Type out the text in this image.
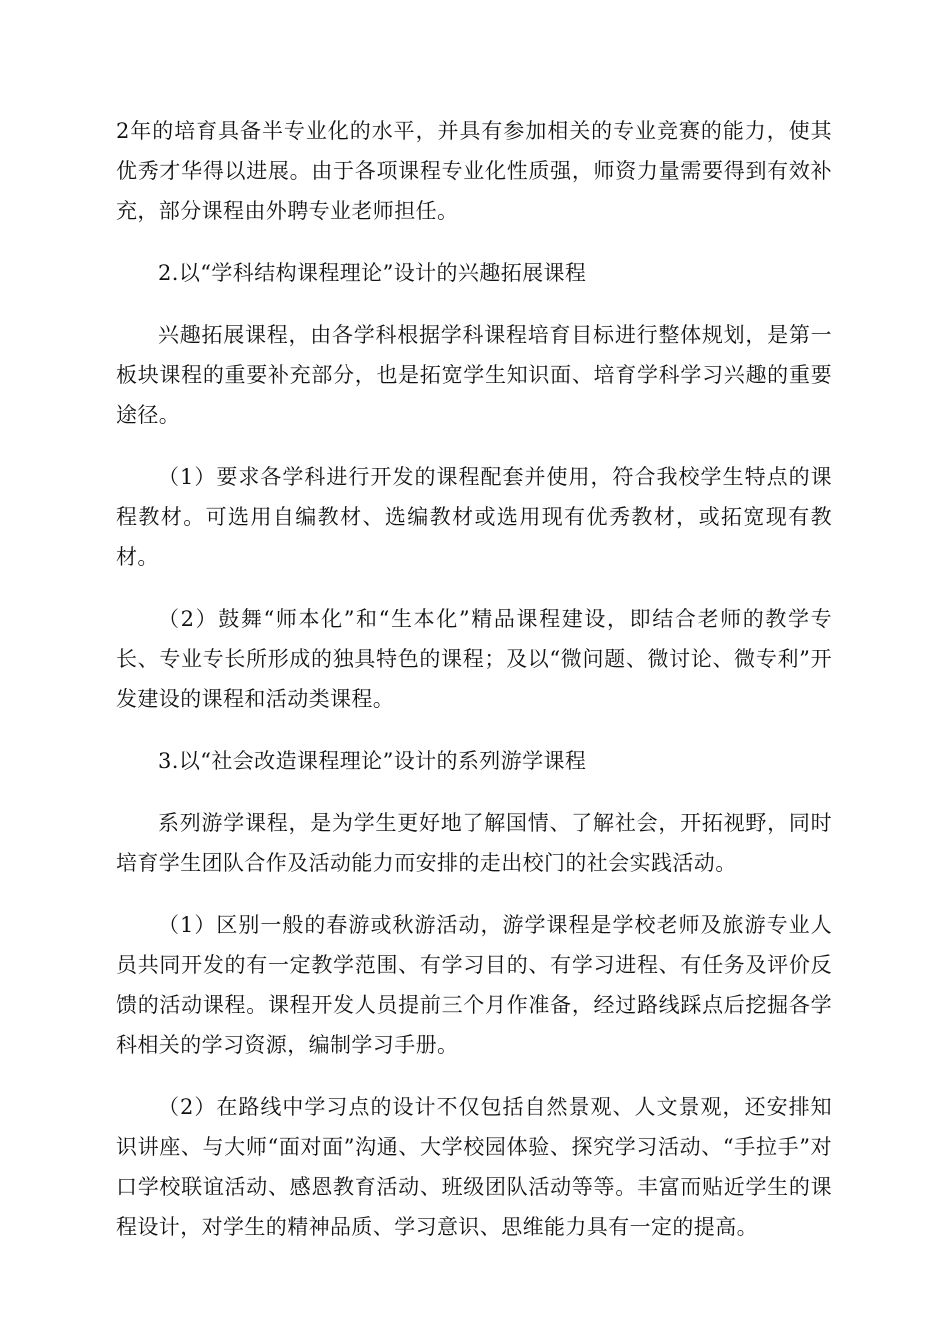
2年的培育具备半专业化的水平，并具有参加相关的专业竞赛的能力，使其优秀才华得以进展。由于各项课程专业化性质强，师资力量需要得到有效补充，部分课程由外聘专业老师担任。

2.以“学科结构课程理论”设计的兴趣拓展课程

兴趣拓展课程，由各学科根据学科课程培育目标进行整体规划，是第一板块课程的重要补充部分，也是拓宽学生知识面、培育学科学习兴趣的重要途径。

（1）要求各学科进行开发的课程配套并使用，符合我校学生特点的课程教材。可选用自编教材、选编教材或选用现有优秀教材，或拓宽现有教材。

（2）鼓舞“师本化”和“生本化”精品课程建设，即结合老师的教学专长、专业专长所形成的独具特色的课程；及以“微问题、微讨论、微专利”开发建设的课程和活动类课程。

3.以“社会改造课程理论”设计的系列游学课程

系列游学课程，是为学生更好地了解国情、了解社会，开拓视野，同时培育学生团队合作及活动能力而安排的走出校门的社会实践活动。

（1）区别一般的春游或秋游活动，游学课程是学校老师及旅游专业人员共同开发的有一定教学范围、有学习目的、有学习进程、有任务及评价反馈的活动课程。课程开发人员提前三个月作准备，经过路线踩点后挖掘各学科相关的学习资源，编制学习手册。

（2）在路线中学习点的设计不仅包括自然景观、人文景观，还安排知识讲座、与大师“面对面”沟通、大学校园体验、探究学习活动、“手拉手”对口学校联谊活动、感恩教育活动、班级团队活动等等。丰富而贴近学生的课程设计，对学生的精神品质、学习意识、思维能力具有一定的提高。
